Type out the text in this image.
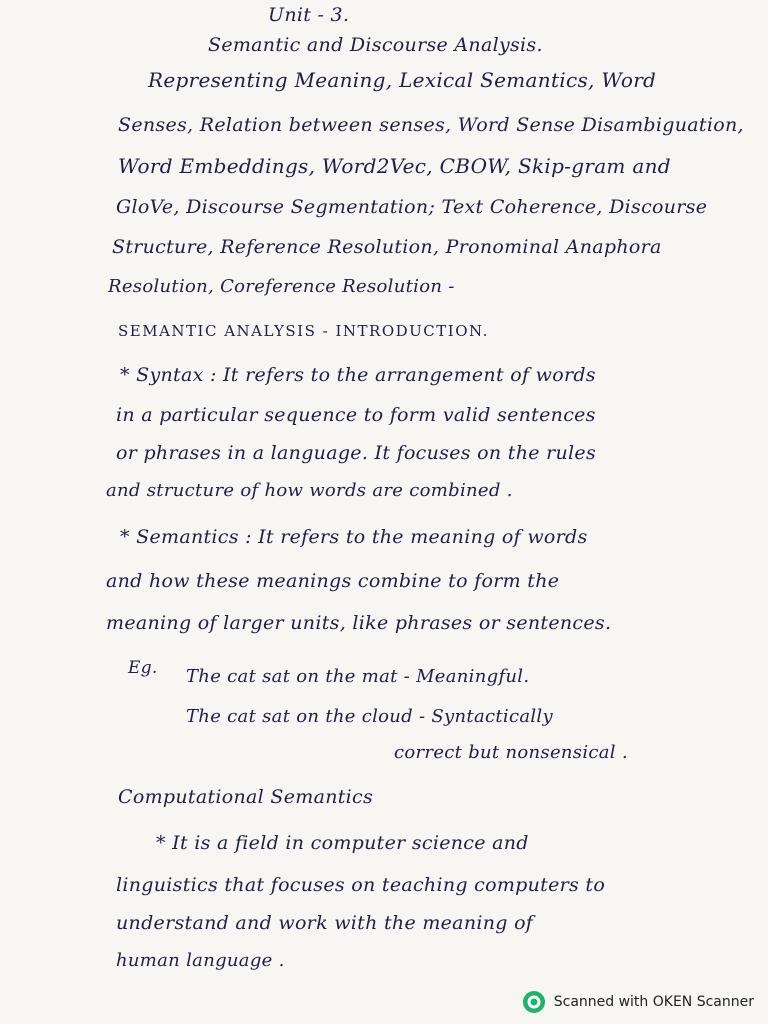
Unit - 3.
Semantic and Discourse Analysis.
Representing Meaning, Lexical Semantics, Word
Senses, Relation between senses, Word Sense Disambiguation,
Word Embeddings, Word2Vec, CBOW, Skip-gram and
GloVe, Discourse Segmentation; Text Coherence, Discourse
Structure, Reference Resolution, Pronominal Anaphora
Resolution, Coreference Resolution -
SEMANTIC ANALYSIS - INTRODUCTION.
* Syntax : It refers to the arrangement of words
in a particular sequence to form valid sentences
or phrases in a language. It focuses on the rules
and structure of how words are combined .
* Semantics : It refers to the meaning of words
and how these meanings combine to form the
meaning of larger units, like phrases or sentences.
Eg. The cat sat on the mat - Meaningful.
The cat sat on the cloud - Syntactically
correct but nonsensical .
Computational Semantics
* It is a field in computer science and
linguistics that focuses on teaching computers to
understand and work with the meaning of
human language .
Scanned with OKEN Scanner
